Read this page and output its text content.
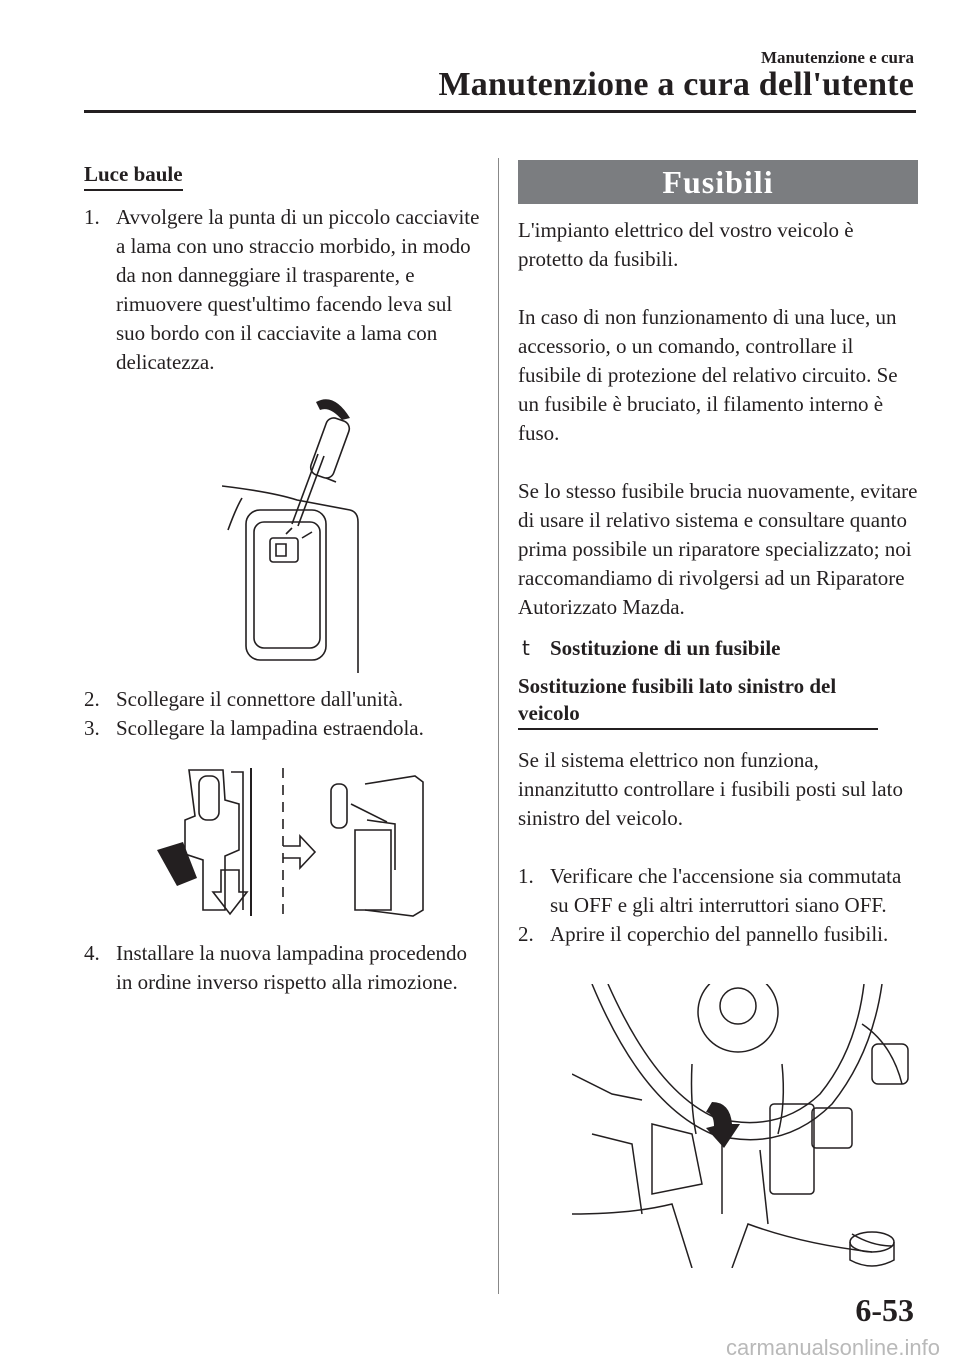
Manutenzione e cura
Manutenzione a cura dell'utente
Luce baule
1. Avvolgere la punta di un piccolo cacciavite a lama con uno straccio morbido, in modo da non danneggiare il trasparente, e rimuovere quest'ultimo facendo leva sul suo bordo con il cacciavite a lama con delicatezza.
2. Scollegare il connettore dall'unità.
3. Scollegare la lampadina estraendola.
4. Installare la nuova lampadina procedendo in ordine inverso rispetto alla rimozione.
Fusibili

L'impianto elettrico del vostro veicolo è protetto da fusibili.

In caso di non funzionamento di una luce, un accessorio, o un comando, controllare il fusibile di protezione del relativo circuito. Se un fusibile è bruciato, il filamento interno è fuso.

Se lo stesso fusibile brucia nuovamente, evitare di usare il relativo sistema e consultare quanto prima possibile un riparatore specializzato; noi raccomandiamo di rivolgersi ad un Riparatore Autorizzato Mazda.

t Sostituzione di un fusibile
Sostituzione fusibili lato sinistro del veicolo

Se il sistema elettrico non funziona, innanzitutto controllare i fusibili posti sul lato sinistro del veicolo.

1. Verificare che l'accensione sia commutata su OFF e gli altri interruttori siano OFF.
2. Aprire il coperchio del pannello fusibili.
6-53
carmanualsonline.info
